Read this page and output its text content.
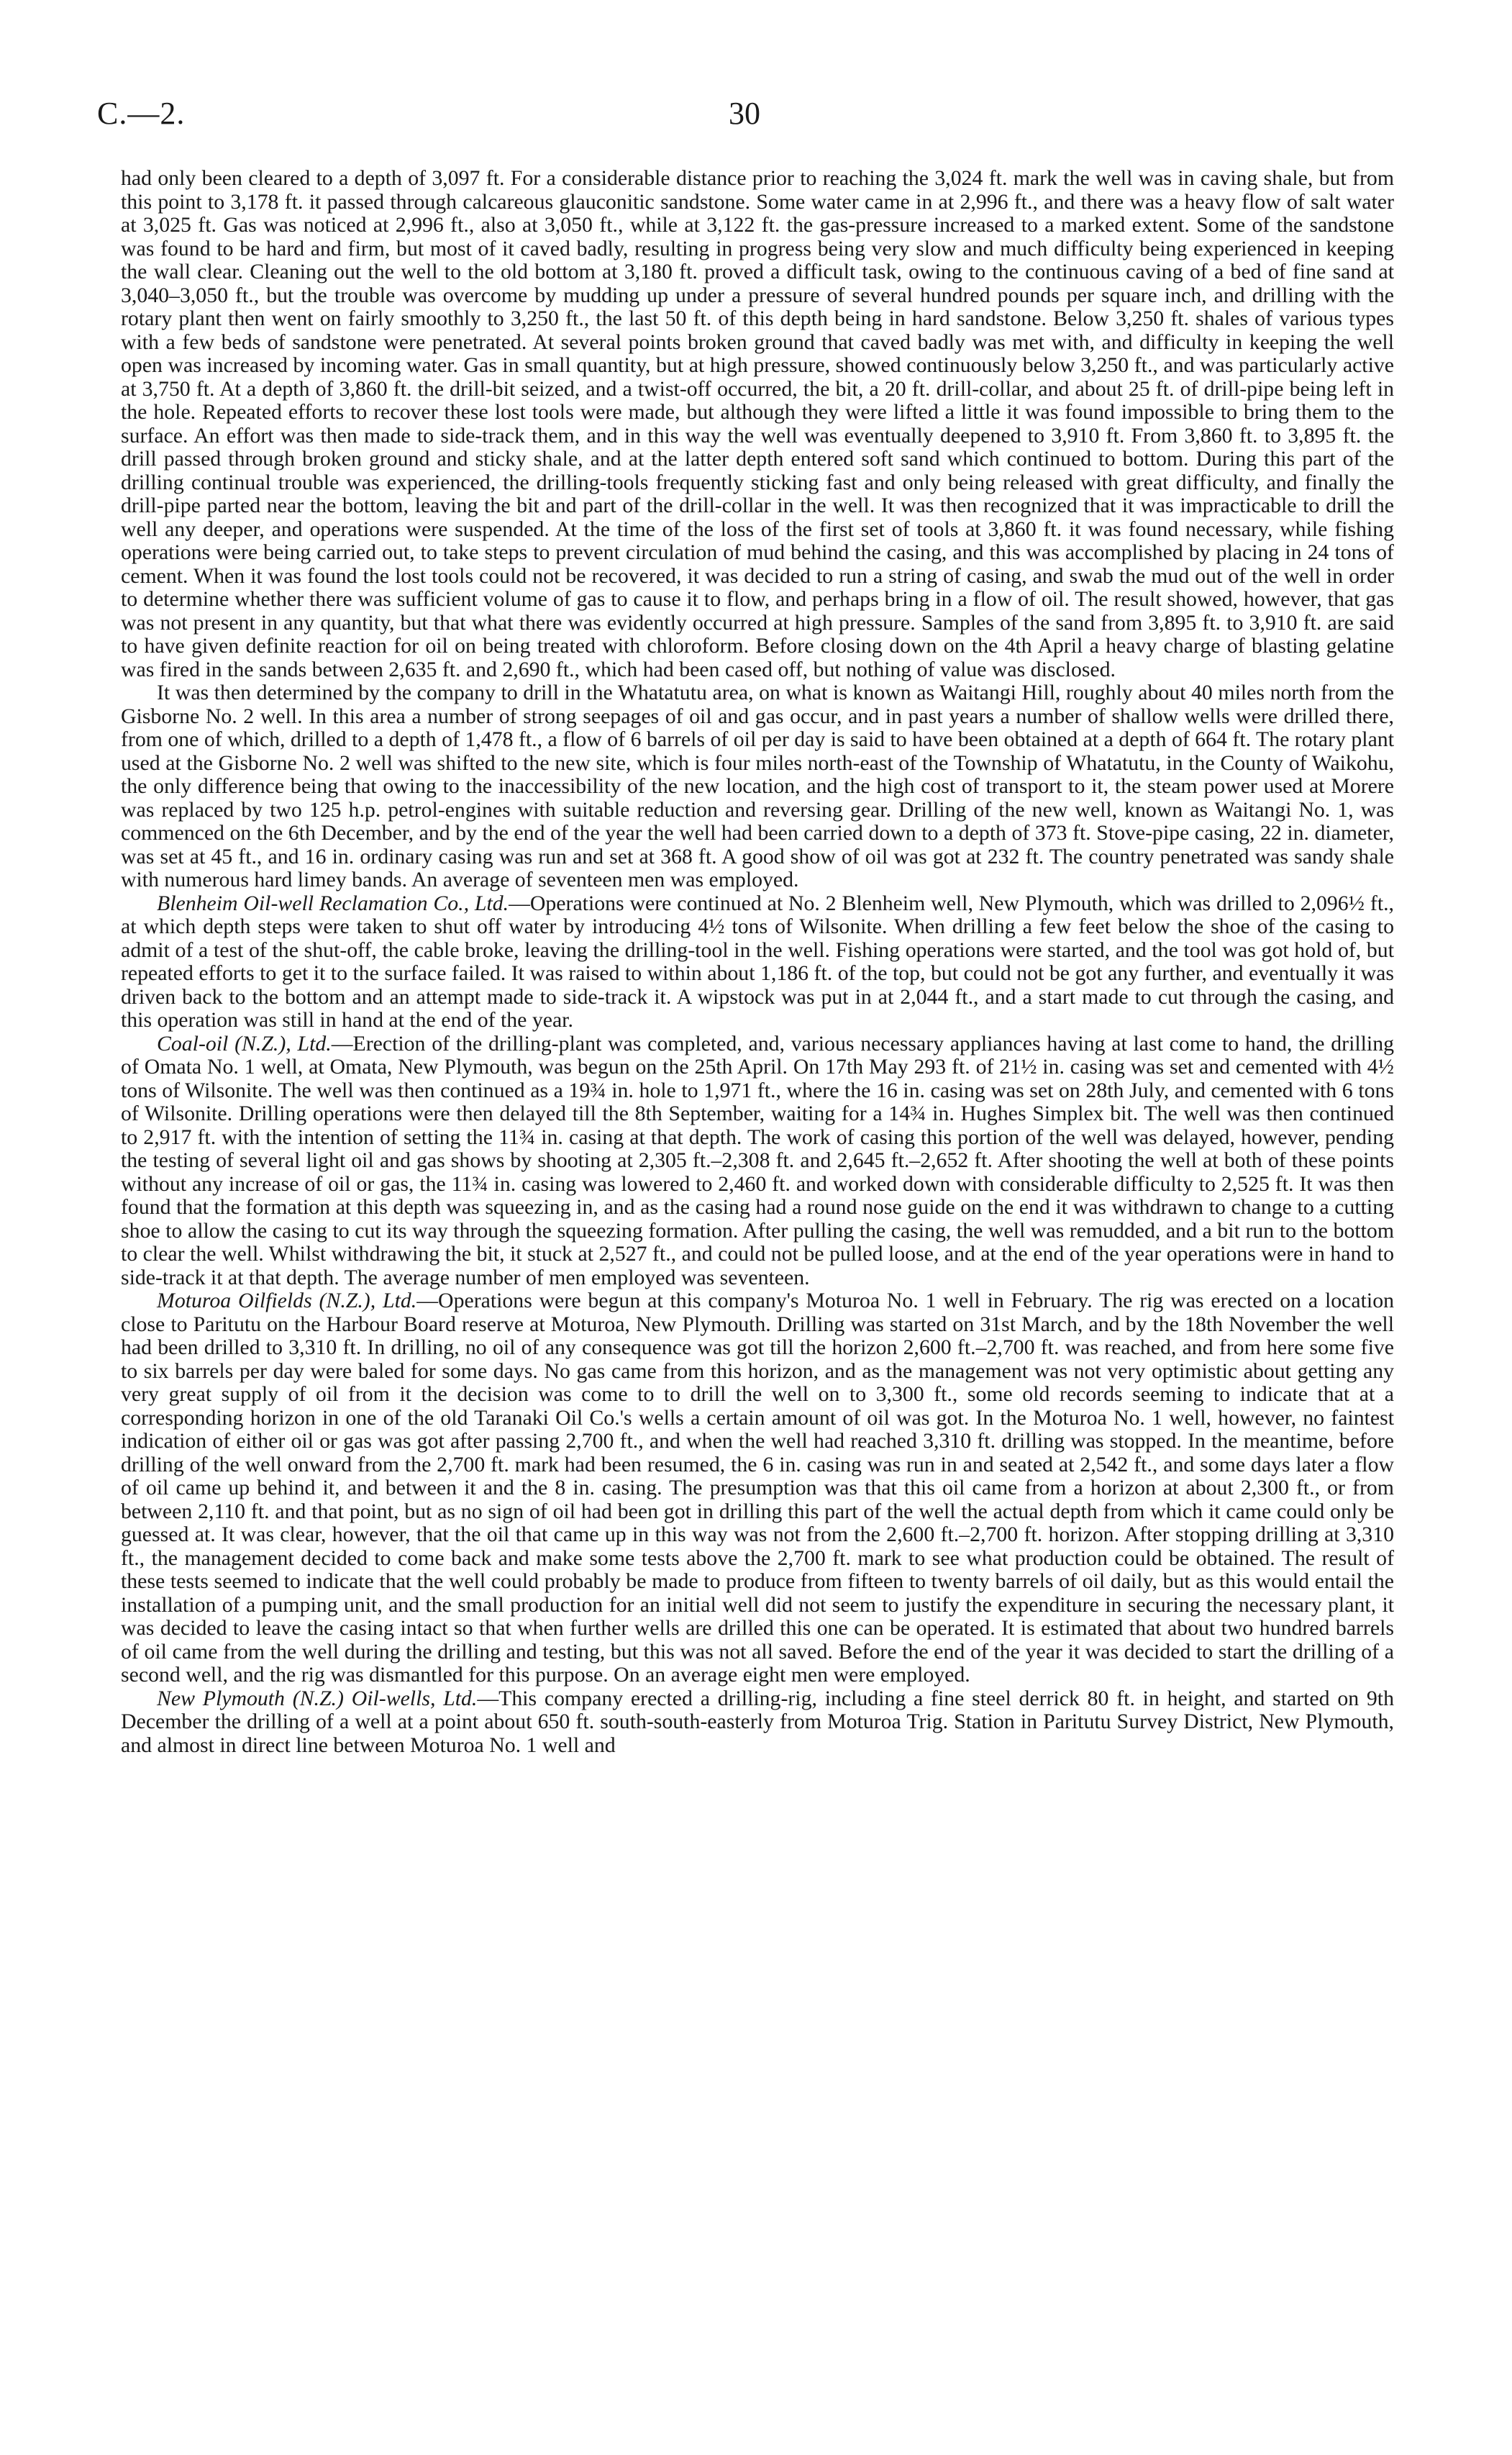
C.—2.	30

had only been cleared to a depth of 3,097 ft. For a considerable distance prior to reaching the 3,024 ft. mark the well was in caving shale, but from this point to 3,178 ft. it passed through calcareous glauconitic sandstone. Some water came in at 2,996 ft., and there was a heavy flow of salt water at 3,025 ft. Gas was noticed at 2,996 ft., also at 3,050 ft., while at 3,122 ft. the gas-pressure increased to a marked extent. Some of the sandstone was found to be hard and firm, but most of it caved badly, resulting in progress being very slow and much difficulty being experienced in keeping the wall clear. Cleaning out the well to the old bottom at 3,180 ft. proved a difficult task, owing to the continuous caving of a bed of fine sand at 3,040–3,050 ft., but the trouble was overcome by mudding up under a pressure of several hundred pounds per square inch, and drilling with the rotary plant then went on fairly smoothly to 3,250 ft., the last 50 ft. of this depth being in hard sandstone. Below 3,250 ft. shales of various types with a few beds of sandstone were penetrated. At several points broken ground that caved badly was met with, and difficulty in keeping the well open was increased by incoming water. Gas in small quantity, but at high pressure, showed continuously below 3,250 ft., and was particularly active at 3,750 ft. At a depth of 3,860 ft. the drill-bit seized, and a twist-off occurred, the bit, a 20 ft. drill-collar, and about 25 ft. of drill-pipe being left in the hole. Repeated efforts to recover these lost tools were made, but although they were lifted a little it was found impossible to bring them to the surface. An effort was then made to side-track them, and in this way the well was eventually deepened to 3,910 ft. From 3,860 ft. to 3,895 ft. the drill passed through broken ground and sticky shale, and at the latter depth entered soft sand which continued to bottom. During this part of the drilling continual trouble was experienced, the drilling-tools frequently sticking fast and only being released with great difficulty, and finally the drill-pipe parted near the bottom, leaving the bit and part of the drill-collar in the well. It was then recognized that it was impracticable to drill the well any deeper, and operations were suspended. At the time of the loss of the first set of tools at 3,860 ft. it was found necessary, while fishing operations were being carried out, to take steps to prevent circulation of mud behind the casing, and this was accomplished by placing in 24 tons of cement. When it was found the lost tools could not be recovered, it was decided to run a string of casing, and swab the mud out of the well in order to determine whether there was sufficient volume of gas to cause it to flow, and perhaps bring in a flow of oil. The result showed, however, that gas was not present in any quantity, but that what there was evidently occurred at high pressure. Samples of the sand from 3,895 ft. to 3,910 ft. are said to have given definite reaction for oil on being treated with chloroform. Before closing down on the 4th April a heavy charge of blasting gelatine was fired in the sands between 2,635 ft. and 2,690 ft., which had been cased off, but nothing of value was disclosed.

It was then determined by the company to drill in the Whatatutu area, on what is known as Waitangi Hill, roughly about 40 miles north from the Gisborne No. 2 well. In this area a number of strong seepages of oil and gas occur, and in past years a number of shallow wells were drilled there, from one of which, drilled to a depth of 1,478 ft., a flow of 6 barrels of oil per day is said to have been obtained at a depth of 664 ft. The rotary plant used at the Gisborne No. 2 well was shifted to the new site, which is four miles north-east of the Township of Whatatutu, in the County of Waikohu, the only difference being that owing to the inaccessibility of the new location, and the high cost of transport to it, the steam power used at Morere was replaced by two 125 h.p. petrol-engines with suitable reduction and reversing gear. Drilling of the new well, known as Waitangi No. 1, was commenced on the 6th December, and by the end of the year the well had been carried down to a depth of 373 ft. Stove-pipe casing, 22 in. diameter, was set at 45 ft., and 16 in. ordinary casing was run and set at 368 ft. A good show of oil was got at 232 ft. The country penetrated was sandy shale with numerous hard limey bands. An average of seventeen men was employed.

Blenheim Oil-well Reclamation Co., Ltd.—Operations were continued at No. 2 Blenheim well, New Plymouth, which was drilled to 2,096½ ft., at which depth steps were taken to shut off water by introducing 4½ tons of Wilsonite. When drilling a few feet below the shoe of the casing to admit of a test of the shut-off, the cable broke, leaving the drilling-tool in the well. Fishing operations were started, and the tool was got hold of, but repeated efforts to get it to the surface failed. It was raised to within about 1,186 ft. of the top, but could not be got any further, and eventually it was driven back to the bottom and an attempt made to side-track it. A wipstock was put in at 2,044 ft., and a start made to cut through the casing, and this operation was still in hand at the end of the year.

Coal-oil (N.Z.), Ltd.—Erection of the drilling-plant was completed, and, various necessary appliances having at last come to hand, the drilling of Omata No. 1 well, at Omata, New Plymouth, was begun on the 25th April. On 17th May 293 ft. of 21½ in. casing was set and cemented with 4½ tons of Wilsonite. The well was then continued as a 19¾ in. hole to 1,971 ft., where the 16 in. casing was set on 28th July, and cemented with 6 tons of Wilsonite. Drilling operations were then delayed till the 8th September, waiting for a 14¾ in. Hughes Simplex bit. The well was then continued to 2,917 ft. with the intention of setting the 11¾ in. casing at that depth. The work of casing this portion of the well was delayed, however, pending the testing of several light oil and gas shows by shooting at 2,305 ft.–2,308 ft. and 2,645 ft.–2,652 ft. After shooting the well at both of these points without any increase of oil or gas, the 11¾ in. casing was lowered to 2,460 ft. and worked down with considerable difficulty to 2,525 ft. It was then found that the formation at this depth was squeezing in, and as the casing had a round nose guide on the end it was withdrawn to change to a cutting shoe to allow the casing to cut its way through the squeezing formation. After pulling the casing, the well was remudded, and a bit run to the bottom to clear the well. Whilst withdrawing the bit, it stuck at 2,527 ft., and could not be pulled loose, and at the end of the year operations were in hand to side-track it at that depth. The average number of men employed was seventeen.

Moturoa Oilfields (N.Z.), Ltd.—Operations were begun at this company's Moturoa No. 1 well in February. The rig was erected on a location close to Paritutu on the Harbour Board reserve at Moturoa, New Plymouth. Drilling was started on 31st March, and by the 18th November the well had been drilled to 3,310 ft. In drilling, no oil of any consequence was got till the horizon 2,600 ft.–2,700 ft. was reached, and from here some five to six barrels per day were baled for some days. No gas came from this horizon, and as the management was not very optimistic about getting any very great supply of oil from it the decision was come to to drill the well on to 3,300 ft., some old records seeming to indicate that at a corresponding horizon in one of the old Taranaki Oil Co.'s wells a certain amount of oil was got. In the Moturoa No. 1 well, however, no faintest indication of either oil or gas was got after passing 2,700 ft., and when the well had reached 3,310 ft. drilling was stopped. In the meantime, before drilling of the well onward from the 2,700 ft. mark had been resumed, the 6 in. casing was run in and seated at 2,542 ft., and some days later a flow of oil came up behind it, and between it and the 8 in. casing. The presumption was that this oil came from a horizon at about 2,300 ft., or from between 2,110 ft. and that point, but as no sign of oil had been got in drilling this part of the well the actual depth from which it came could only be guessed at. It was clear, however, that the oil that came up in this way was not from the 2,600 ft.–2,700 ft. horizon. After stopping drilling at 3,310 ft., the management decided to come back and make some tests above the 2,700 ft. mark to see what production could be obtained. The result of these tests seemed to indicate that the well could probably be made to produce from fifteen to twenty barrels of oil daily, but as this would entail the installation of a pumping unit, and the small production for an initial well did not seem to justify the expenditure in securing the necessary plant, it was decided to leave the casing intact so that when further wells are drilled this one can be operated. It is estimated that about two hundred barrels of oil came from the well during the drilling and testing, but this was not all saved. Before the end of the year it was decided to start the drilling of a second well, and the rig was dismantled for this purpose. On an average eight men were employed.

New Plymouth (N.Z.) Oil-wells, Ltd.—This company erected a drilling-rig, including a fine steel derrick 80 ft. in height, and started on 9th December the drilling of a well at a point about 650 ft. south-south-easterly from Moturoa Trig. Station in Paritutu Survey District, New Plymouth, and almost in direct line between Moturoa No. 1 well and
